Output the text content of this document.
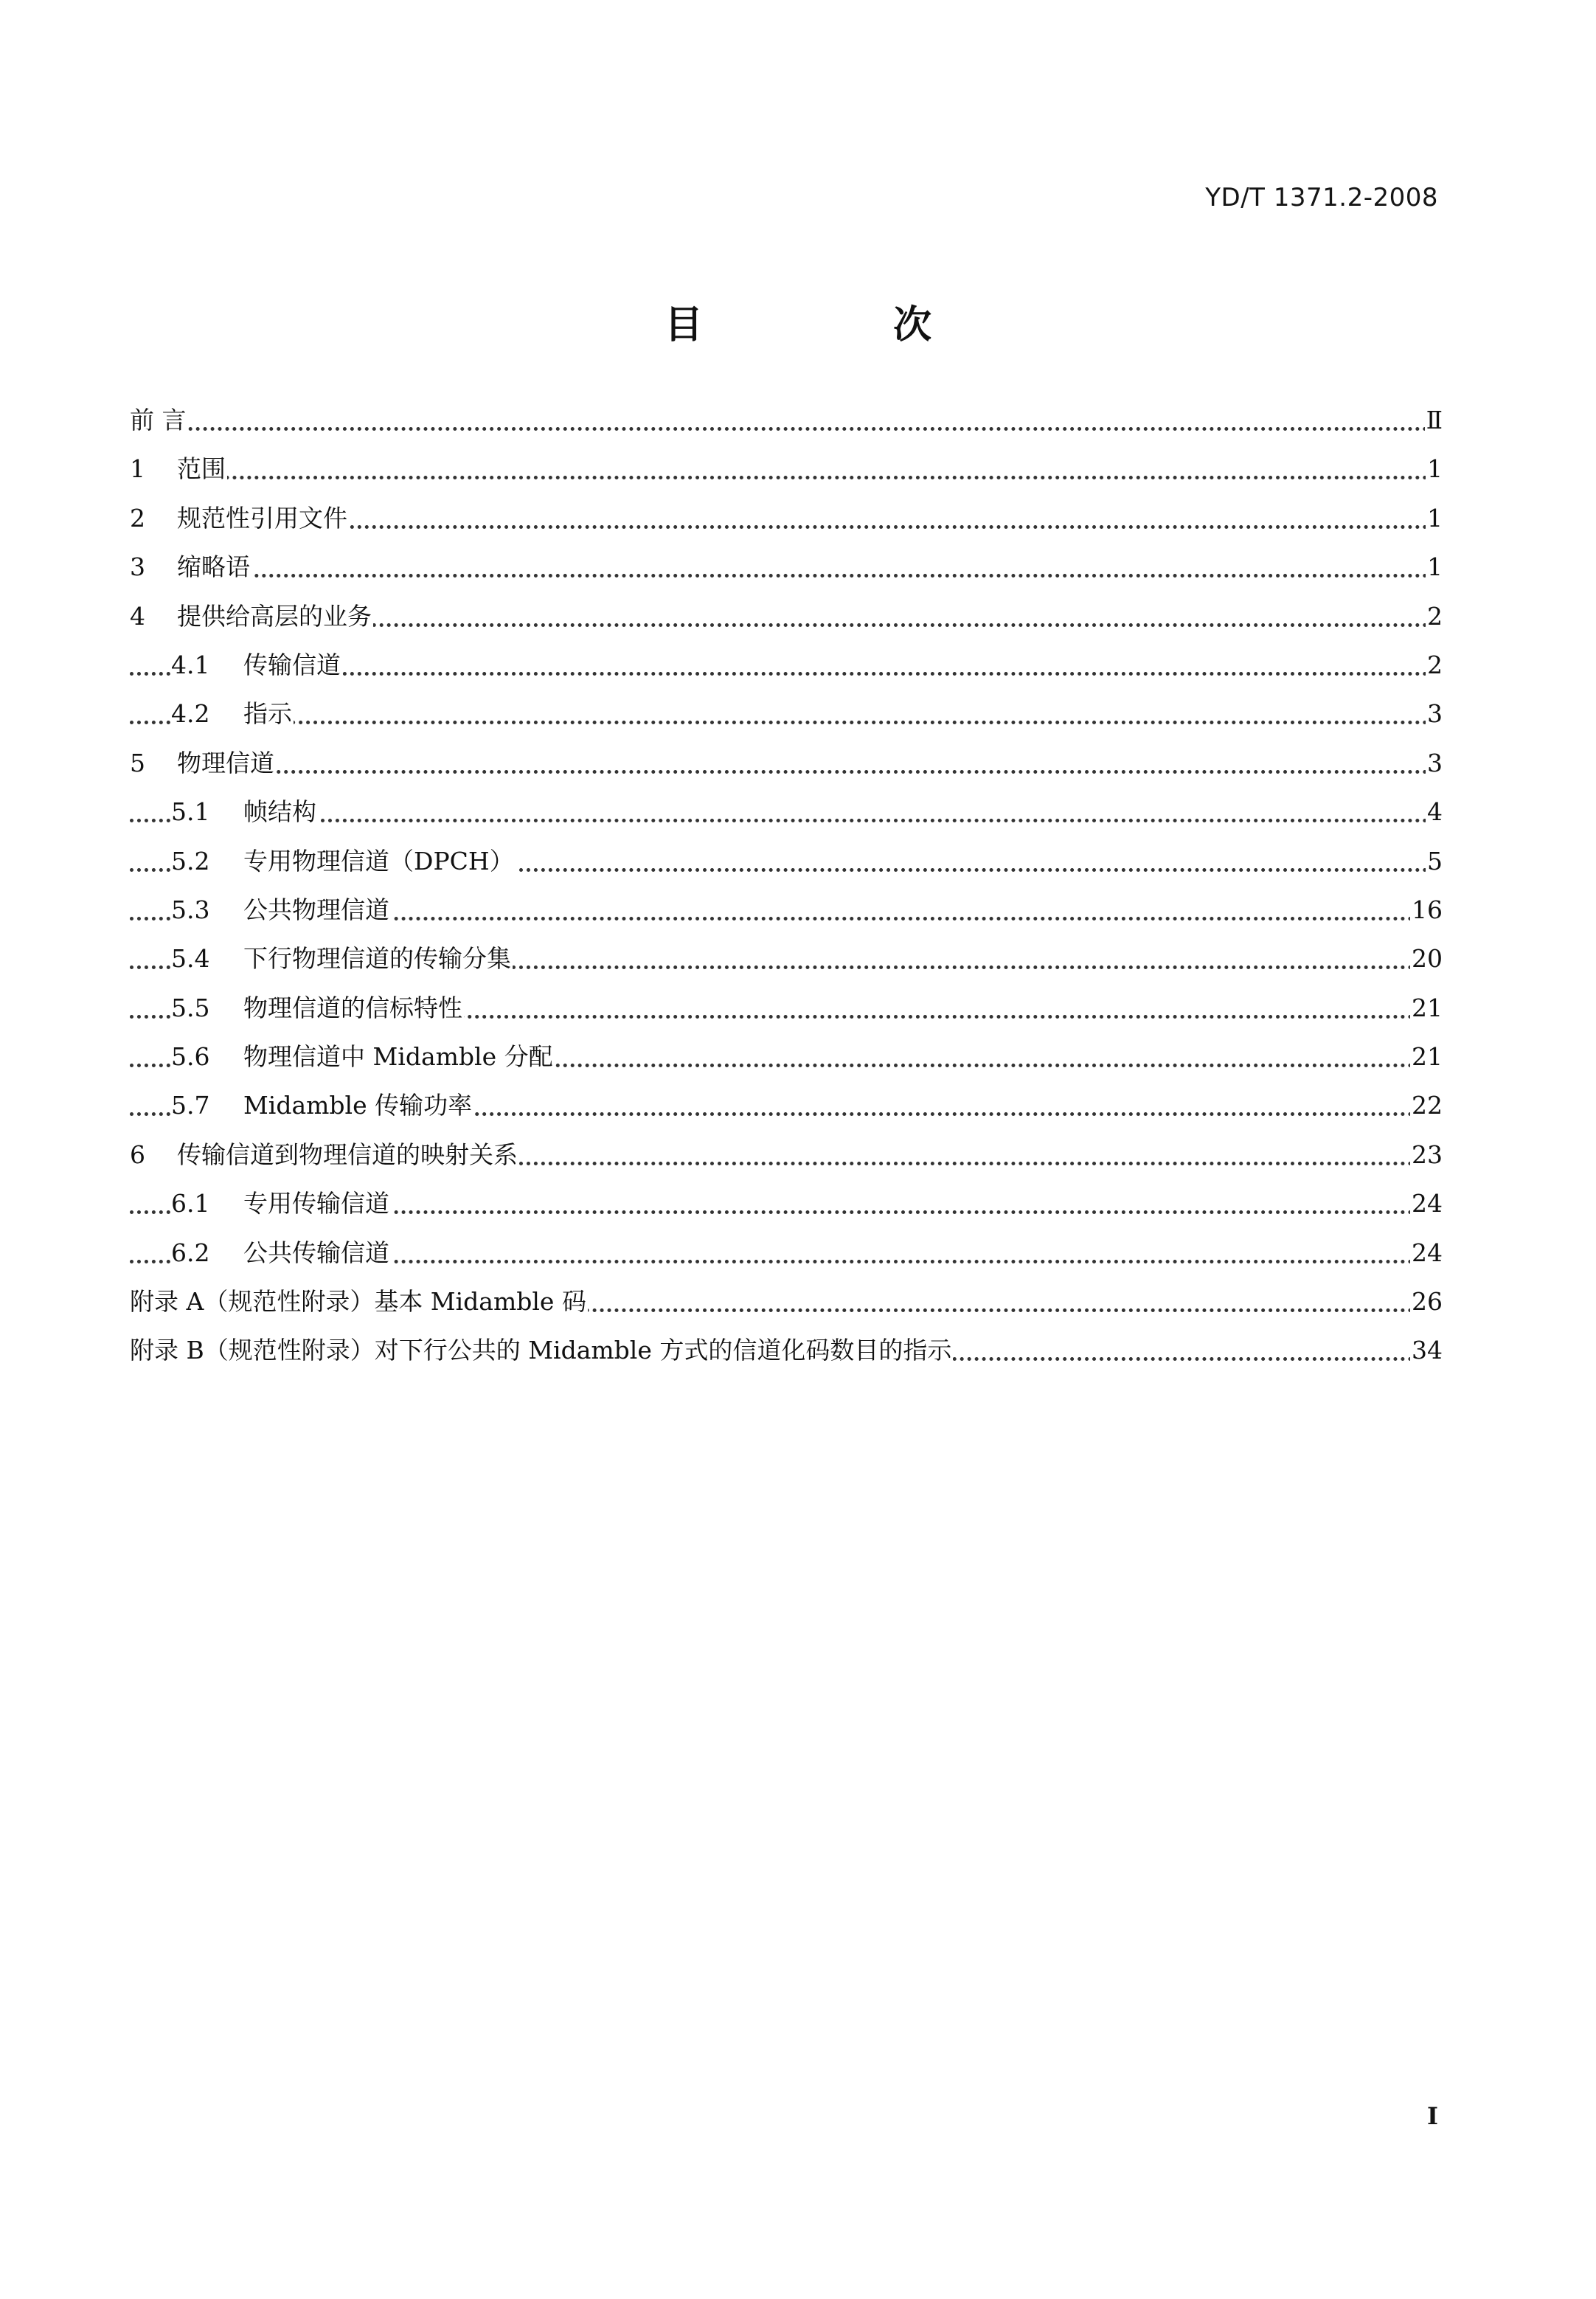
YD/T 1371.2-2008
目 次
前 言	Ⅱ
1 范围	1
2 规范性引用文件	1
3 缩略语	1
4 提供给高层的业务	2
4.1 传输信道	2
4.2 指示	3
5 物理信道	3
5.1 帧结构	4
5.2 专用物理信道（DPCH）	5
5.3 公共物理信道	16
5.4 下行物理信道的传输分集	20
5.5 物理信道的信标特性	21
5.6 物理信道中 Midamble 分配	21
5.7 Midamble 传输功率	22
6 传输信道到物理信道的映射关系	23
6.1 专用传输信道	24
6.2 公共传输信道	24
附录 A（规范性附录）基本 Midamble 码	26
附录 B（规范性附录）对下行公共的 Midamble 方式的信道化码数目的指示	34
I
